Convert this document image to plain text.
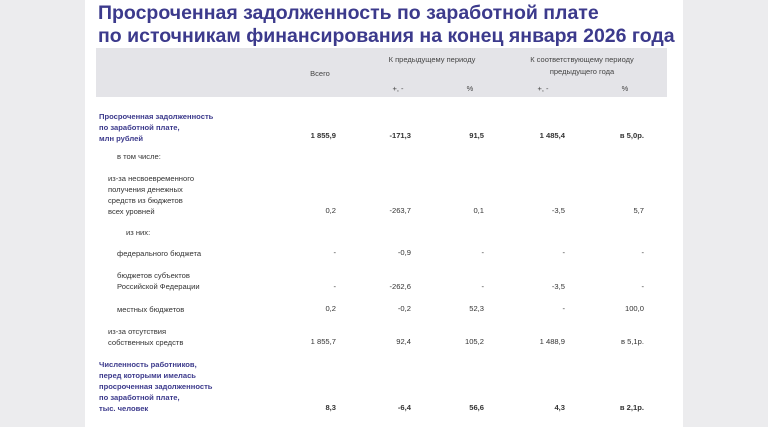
Просроченная задолженность по заработной плате
по источникам финансирования на конец января 2026 года
Всего
К предыдущему периоду	К соответствующему периоду
предыдущего года
+, -	%	+, -	%
Просроченная задолженность
по заработной плате,
млн рублей	1 855,9	-171,3	91,5	1 485,4	в 5,0р.
в том числе:
из-за несвоевременного
получения денежных
средств из бюджетов
всех уровней	0,2	-263,7	0,1	-3,5	5,7
из них:
федерального бюджета	-	-0,9	-	-	-
бюджетов субъектов
Российской Федерации	-	-262,6	-	-3,5	-
местных бюджетов	0,2	-0,2	52,3	-	100,0
из-за отсутствия
собственных средств	1 855,7	92,4	105,2	1 488,9	в 5,1р.
Численность работников,
перед которыми имелась
просроченная задолженность
по заработной плате,
тыс. человек	8,3	-6,4	56,6	4,3	в 2,1р.
